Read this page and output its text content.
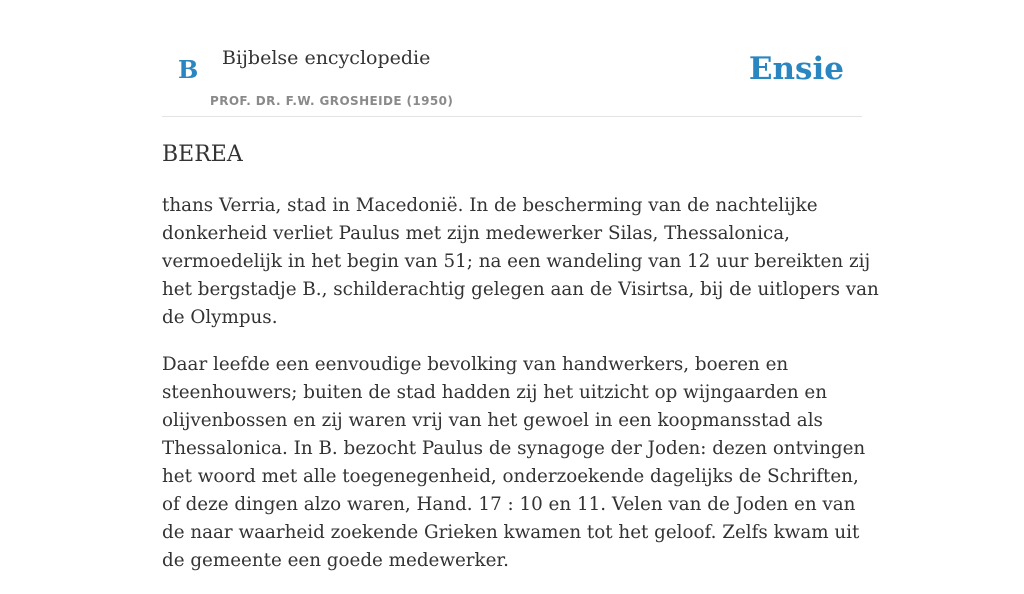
B Bijbelse encyclopedie
PROF. DR. F.W. GROSHEIDE (1950)
Ensie
BEREA

thans Verria, stad in Macedonië. In de bescherming van de nachtelijke donkerheid verliet Paulus met zijn medewerker Silas, Thessalonica, vermoedelijk in het begin van 51; na een wandeling van 12 uur bereikten zij het bergstadje B., schilderachtig gelegen aan de Visirtsa, bij de uitlopers van de Olympus.

Daar leefde een eenvoudige bevolking van handwerkers, boeren en steenhouwers; buiten de stad hadden zij het uitzicht op wijngaarden en olijvenbossen en zij waren vrij van het gewoel in een koopmansstad als Thessalonica. In B. bezocht Paulus de synagoge der Joden: dezen ontvingen het woord met alle toegenegenheid, onderzoekende dagelijks de Schriften, of deze dingen alzo waren, Hand. 17 : 10 en 11. Velen van de Joden en van de naar waarheid zoekende Grieken kwamen tot het geloof. Zelfs kwam uit de gemeente een goede medewerker.
